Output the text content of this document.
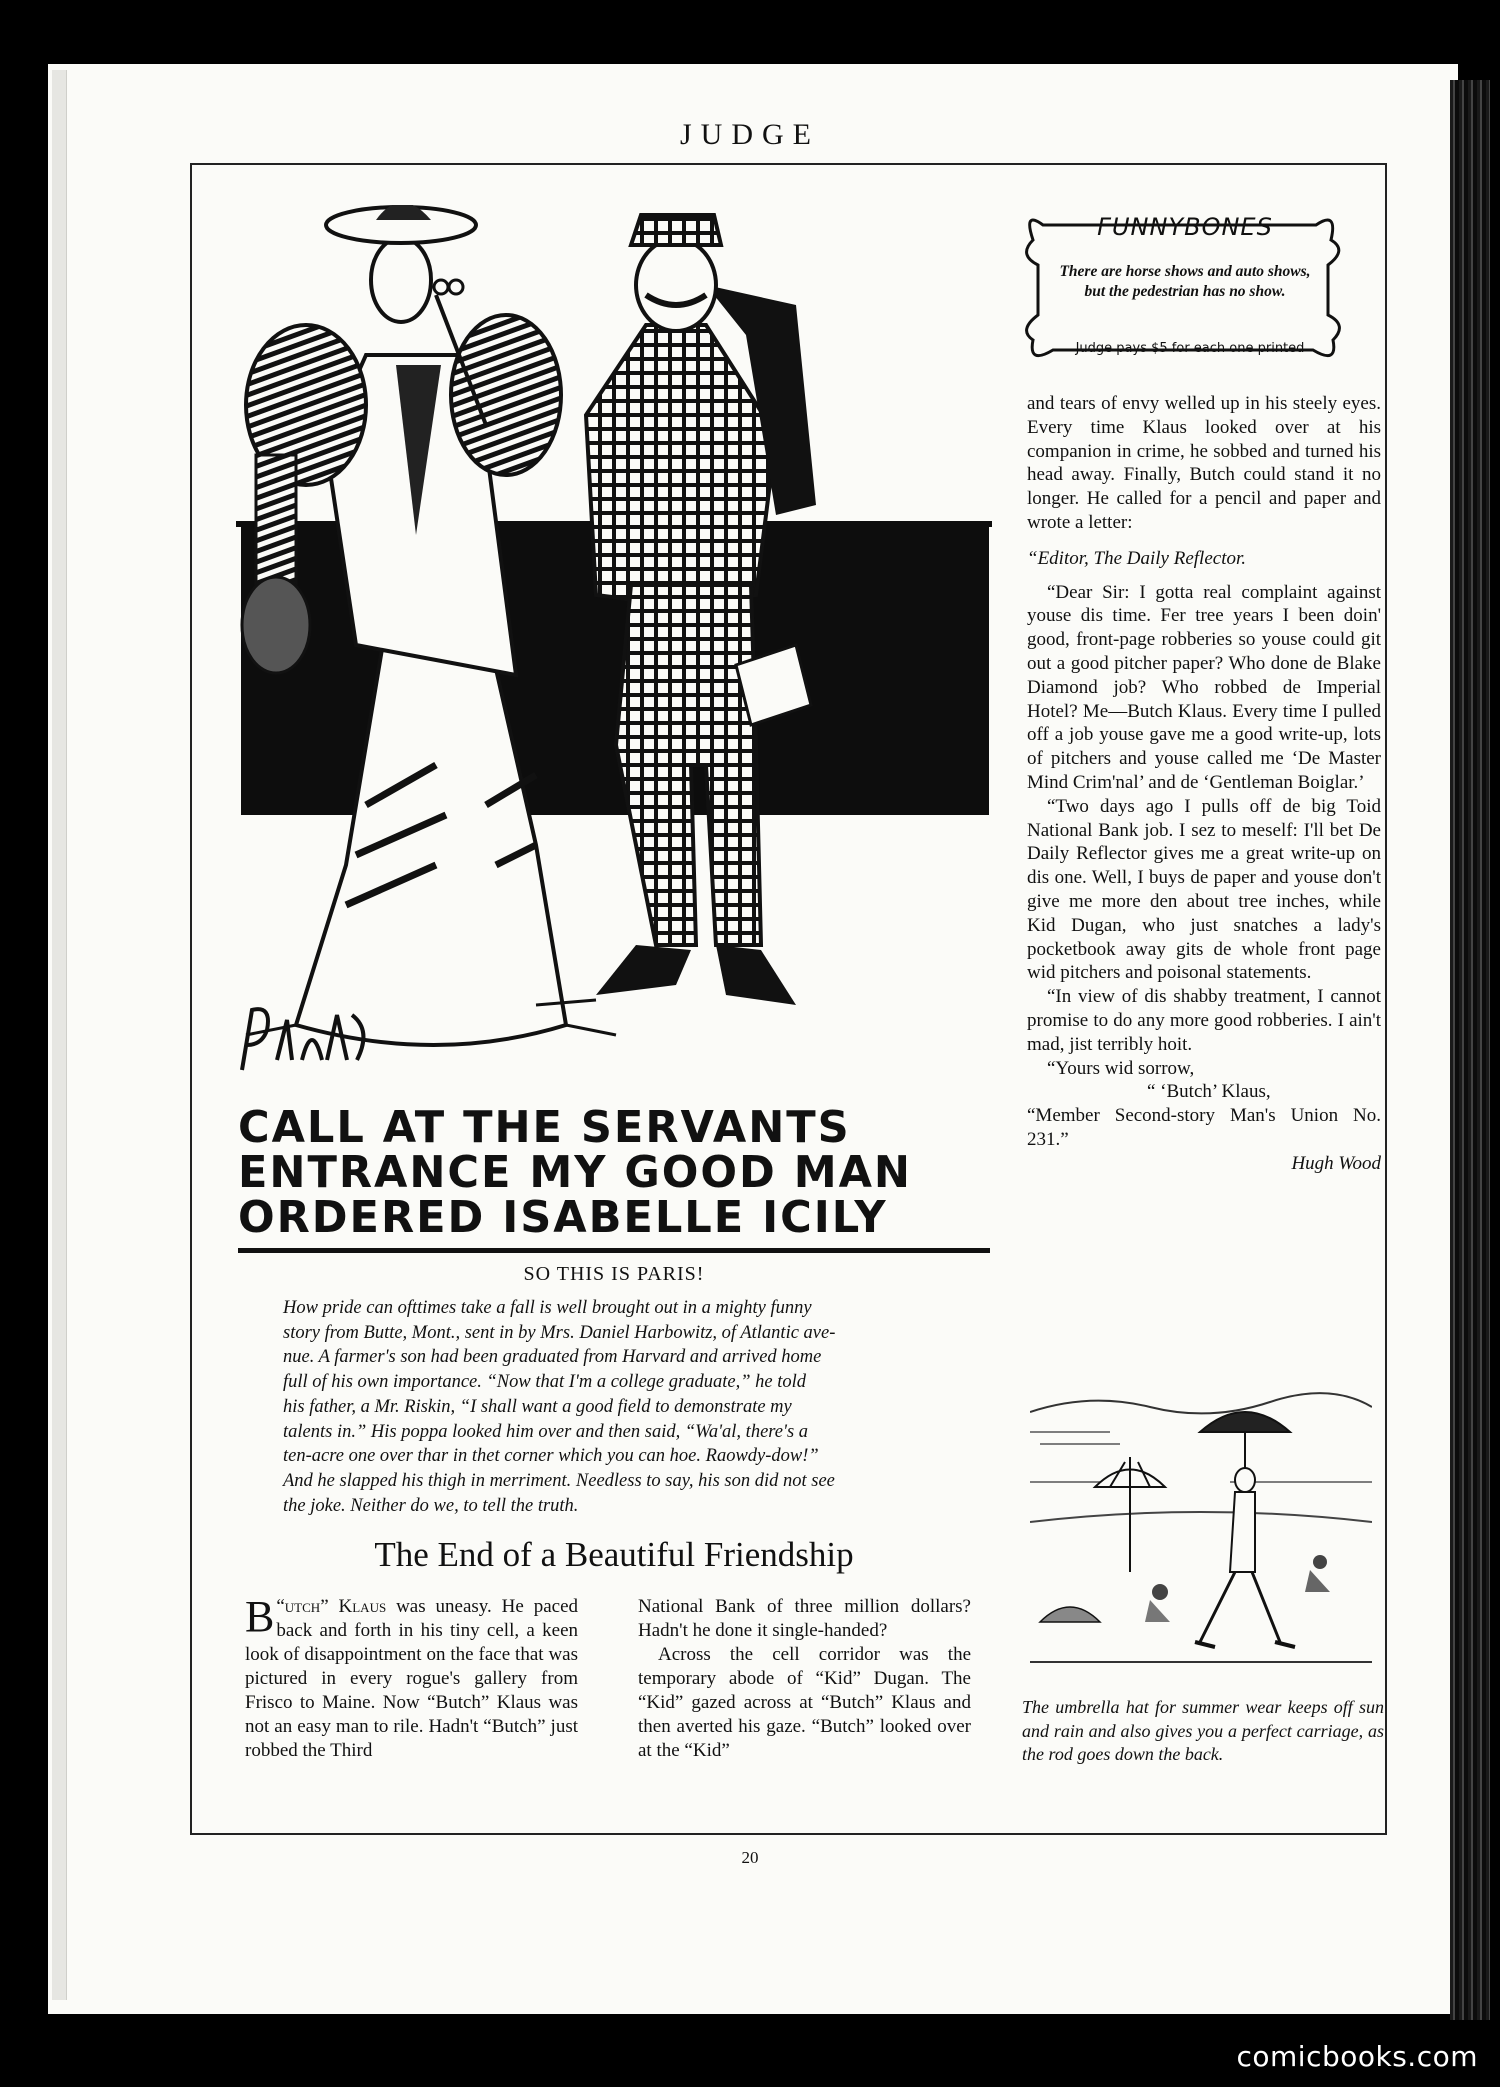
JUDGE
CALL AT THE SERVANTS
ENTRANCE MY GOOD MAN
ORDERED ISABELLE ICILY
SO THIS IS PARIS!
How pride can ofttimes take a fall is well brought out in a mighty funny
story from Butte, Mont., sent in by Mrs. Daniel Harbowitz, of Atlantic ave-
nue. A farmer's son had been graduated from Harvard and arrived home
full of his own importance. “Now that I'm a college graduate,” he told
his father, a Mr. Riskin, “I shall want a good field to demonstrate my
talents in.” His poppa looked him over and then said, “Wa'al, there's a
ten-acre one over thar in thet corner which you can hoe. Raowdy-dow!”
And he slapped his thigh in merriment. Needless to say, his son did not see
the joke. Neither do we, to tell the truth.
The End of a Beautiful Friendship
“
B utch” Klaus was uneasy. He paced back and forth in his tiny cell, a keen look of disappointment on the face that was pictured in every rogue's gallery from Frisco to Maine. Now “Butch” Klaus was not an easy man to rile. Hadn't “Butch” just robbed the Third

National Bank of three million dollars? Hadn't he done it single-handed?

Across the cell corridor was the temporary abode of “Kid” Dugan. The “Kid” gazed across at “Butch” Klaus and then averted his gaze. “Butch” looked over at the “Kid”

FUNNYBONES
There are horse shows and auto shows, but the pedestrian has no show.
Judge pays $5 for each one printed

and tears of envy welled up in his steely eyes. Every time Klaus looked over at his companion in crime, he sobbed and turned his head away. Finally, Butch could stand it no longer. He called for a pencil and paper and wrote a letter:

“Editor, The Daily Reflector.

“Dear Sir: I gotta real complaint against youse dis time. Fer tree years I been doin' good, front-page robberies so youse could git out a good pitcher paper? Who done de Blake Diamond job? Who robbed de Imperial Hotel? Me—Butch Klaus. Every time I pulled off a job youse gave me a good write-up, lots of pitchers and youse called me ‘De Master Mind Crim'nal’ and de ‘Gentleman Boiglar.’

“Two days ago I pulls off de big Toid National Bank job. I sez to meself: I'll bet De Daily Reflector gives me a great write-up on dis one. Well, I buys de paper and youse don't give me more den about tree inches, while Kid Dugan, who just snatches a lady's pocketbook away gits de whole front page wid pitchers and poisonal statements.

“In view of dis shabby treatment, I cannot promise to do any more good robberies. I ain't mad, jist terribly hoit.

“Yours wid sorrow,

“ ‘Butch’ Klaus,

“Member Second-story Man's Union No. 231.”

Hugh Wood

The umbrella hat for summer wear keeps off sun and rain and also gives you a perfect carriage, as the rod goes down the back.
20
comicbooks.com
